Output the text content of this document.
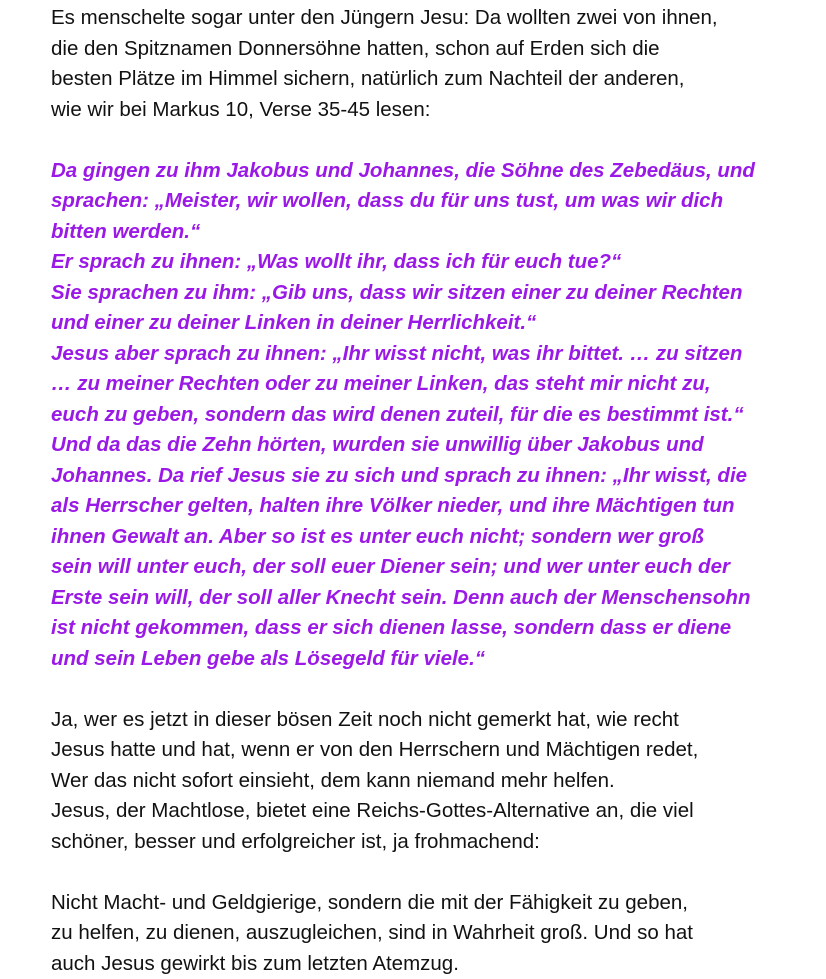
Es menschelte sogar unter den Jüngern Jesu: Da wollten zwei von ihnen,
die den Spitznamen Donnersöhne hatten, schon auf Erden sich die
besten Plätze im Himmel sichern, natürlich zum Nachteil der anderen,
wie wir bei Markus 10, Verse 35-45 lesen:

Da gingen zu ihm Jakobus und Johannes, die Söhne des Zebedäus, und
sprachen: „Meister, wir wollen, dass du für uns tust, um was wir dich
bitten werden.“
Er sprach zu ihnen: „Was wollt ihr, dass ich für euch tue?“
Sie sprachen zu ihm: „Gib uns, dass wir sitzen einer zu deiner Rechten
und einer zu deiner Linken in deiner Herrlichkeit.“
Jesus aber sprach zu ihnen: „Ihr wisst nicht, was ihr bittet. … zu sitzen
… zu meiner Rechten oder zu meiner Linken, das steht mir nicht zu,
euch zu geben, sondern das wird denen zuteil, für die es bestimmt ist.“
Und da das die Zehn hörten, wurden sie unwillig über Jakobus und
Johannes. Da rief Jesus sie zu sich und sprach zu ihnen: „Ihr wisst, die
als Herrscher gelten, halten ihre Völker nieder, und ihre Mächtigen tun
ihnen Gewalt an. Aber so ist es unter euch nicht; sondern wer groß
sein will unter euch, der soll euer Diener sein; und wer unter euch der
Erste sein will, der soll aller Knecht sein. Denn auch der Menschensohn
ist nicht gekommen, dass er sich dienen lasse, sondern dass er diene
und sein Leben gebe als Lösegeld für viele.“

Ja, wer es jetzt in dieser bösen Zeit noch nicht gemerkt hat, wie recht
Jesus hatte und hat, wenn er von den Herrschern und Mächtigen redet,
Wer das nicht sofort einsieht, dem kann niemand mehr helfen.
Jesus, der Machtlose, bietet eine Reichs-Gottes-Alternative an, die viel
schöner, besser und erfolgreicher ist, ja frohmachend:

Nicht Macht- und Geldgierige, sondern die mit der Fähigkeit zu geben,
zu helfen, zu dienen, auszugleichen, sind in Wahrheit groß. Und so hat
auch Jesus gewirkt bis zum letzten Atemzug.
